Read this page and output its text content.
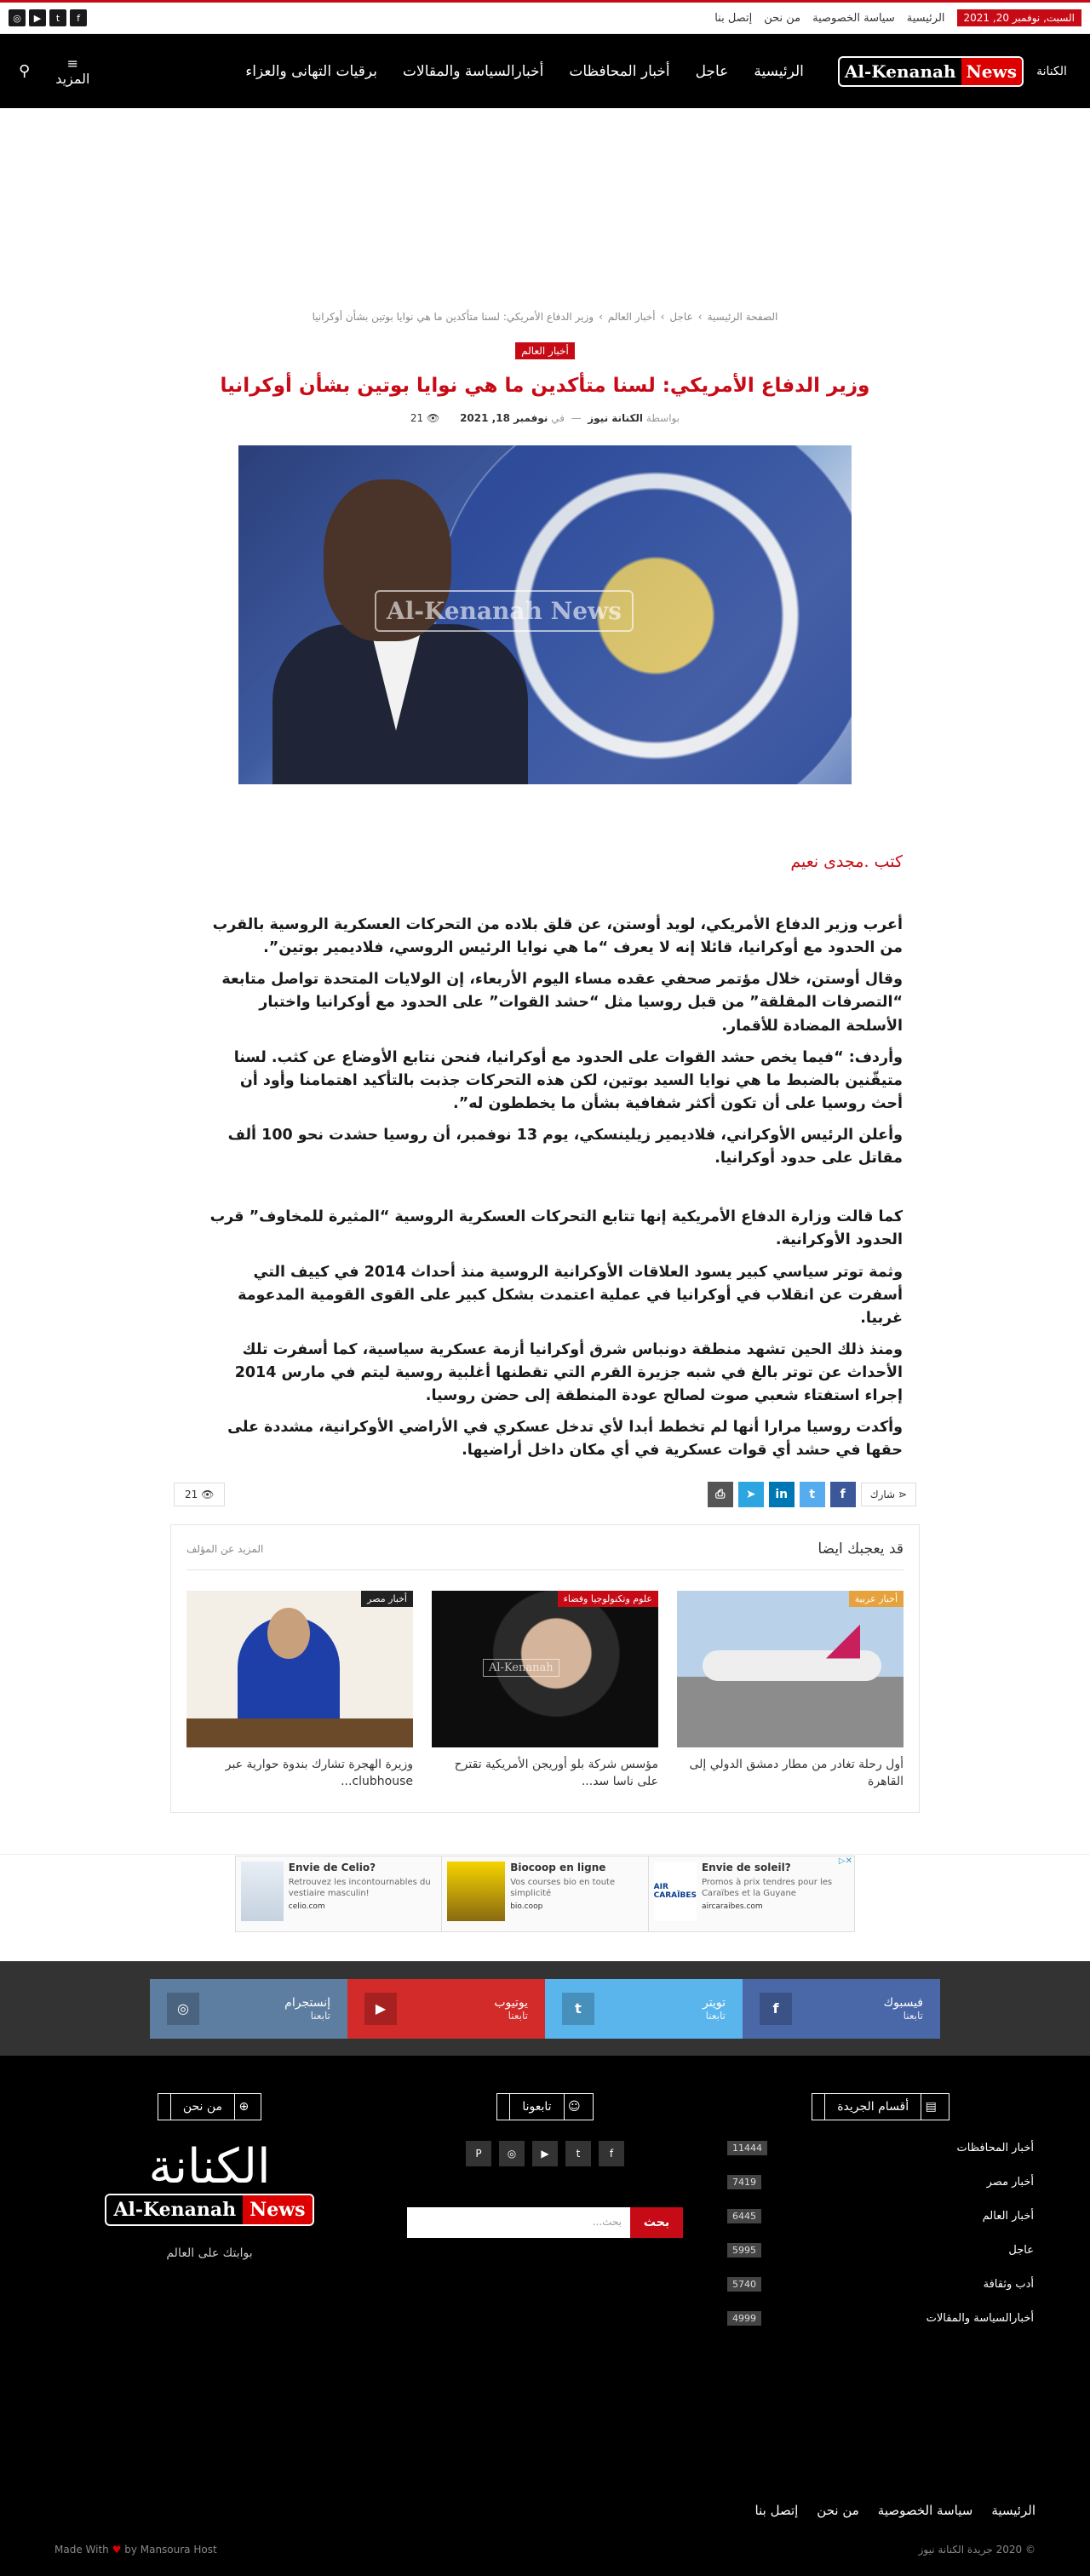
السبت, نوفمبر 20, 2021
الرئيسية
سياسة الخصوصية
من نحن
إتصل بنا
◎	▶	t	f
الكنانة
Al-Kenanah News
الرئيسية
عاجل
أخبار المحافظات
أخبارالسياسة والمقالات
برقيات التهانى والعزاء
≡
المزيد
⚲
الصفحة الرئيسية›عاجل›أخبار العالم›وزير الدفاع الأمريكي: لسنا متأكدين ما هي نوايا بوتين بشأن أوكرانيا
أخبار العالم
وزير الدفاع الأمريكي: لسنا متأكدين ما هي نوايا بوتين بشأن أوكرانيا
بواسطة الكنانة نيوز  —  في نوفمبر 18, 2021 👁 21
Al-Kenanah News
كتب .مجدى نعيم

أعرب وزير الدفاع الأمريكي، لويد أوستن، عن قلق بلاده من التحركات العسكرية الروسية بالقرب من الحدود مع أوكرانيا، قائلا إنه لا يعرف “ما هي نوايا الرئيس الروسي، فلاديمير بوتين”.

وقال أوستن، خلال مؤتمر صحفي عقده مساء اليوم الأربعاء، إن الولايات المتحدة تواصل متابعة “التصرفات المقلقة” من قبل روسيا مثل “حشد القوات” على الحدود مع أوكرانيا واختبار الأسلحة المضادة للأقمار.

وأردف: “فيما يخص حشد القوات على الحدود مع أوكرانيا، فنحن نتابع الأوضاع عن كثب. لسنا متيقّنين بالضبط ما هي نوايا السيد بوتين، لكن هذه التحركات جذبت بالتأكيد اهتمامنا وأود أن أحث روسيا على أن تكون أكثر شفافية بشأن ما يخططون له”.

وأعلن الرئيس الأوكراني، فلاديمير زيلينسكي، يوم 13 نوفمبر، أن روسيا حشدت نحو 100 ألف مقاتل على حدود أوكرانيا.

كما قالت وزارة الدفاع الأمريكية إنها تتابع التحركات العسكرية الروسية “المثيرة للمخاوف” قرب الحدود الأوكرانية.

وثمة توتر سياسي كبير يسود العلاقات الأوكرانية الروسية منذ أحداث 2014 في كييف التي أسفرت عن انقلاب في أوكرانيا في عملية اعتمدت بشكل كبير على القوى القومية المدعومة غربيا.

ومنذ ذلك الحين تشهد منطقة دونباس شرق أوكرانيا أزمة عسكرية سياسية، كما أسفرت تلك الأحداث عن توتر بالغ في شبه جزيرة القرم التي تقطنها أغلبية روسية ليتم في مارس 2014 إجراء استفتاء شعبي صوت لصالح عودة المنطقة إلى حضن روسيا.

وأكدت روسيا مرارا أنها لم تخطط أبدا لأي تدخل عسكري في الأراضي الأوكرانية، مشددة على حقها في حشد أي قوات عسكرية في أي مكان داخل أراضيها.

⋖ شارك
f
t
in
➤
⎙
👁 21
قد يعجبك ايضا
المزيد عن المؤلف
أخبار عربية
أول رحلة تغادر من مطار دمشق الدولي إلى القاهرة
Al-Kenanah
علوم وتكنولوجيا وفضاء
مؤسس شركة بلو أوريجن الأمريكية تقترح على ناسا سد...
أخبار مصر
وزيرة الهجرة تشارك بندوة حوارية عبر clubhouse...
Envie de Celio?
Retrouvez les incontournables du vestiaire masculin!
celio.com
Biocoop en ligne
Vos courses bio en toute simplicité
bio.coop
AIR CARAÏBES
Envie de soleil?
Promos à prix tendres pour les Caraïbes et la Guyane
aircaraibes.com
▷✕
فيسبوك
تابعنا
f
تويتر
تابعنا
t
يوتيوب
تابعنا
▶
إنستجرام
تابعنا
◎
▤ أقسام الجريدة
أخبار المحافظات
11444
أخبار مصر
7419
أخبار العالم
6445
عاجل
5995
أدب وثقافة
5740
أخبارالسياسة والمقالات
4999
☺ تابعونا
P	◎	▶	t	f
بحث
بحث...
⊕ من نحن
الكنانة
Al-Kenanah News
بوابتك على العالم
الرئيسية
سياسة الخصوصية
من نحن
إتصل بنا
© 2020 جريدة الكنانة نيوز
Made With ♥ by Mansoura Host
